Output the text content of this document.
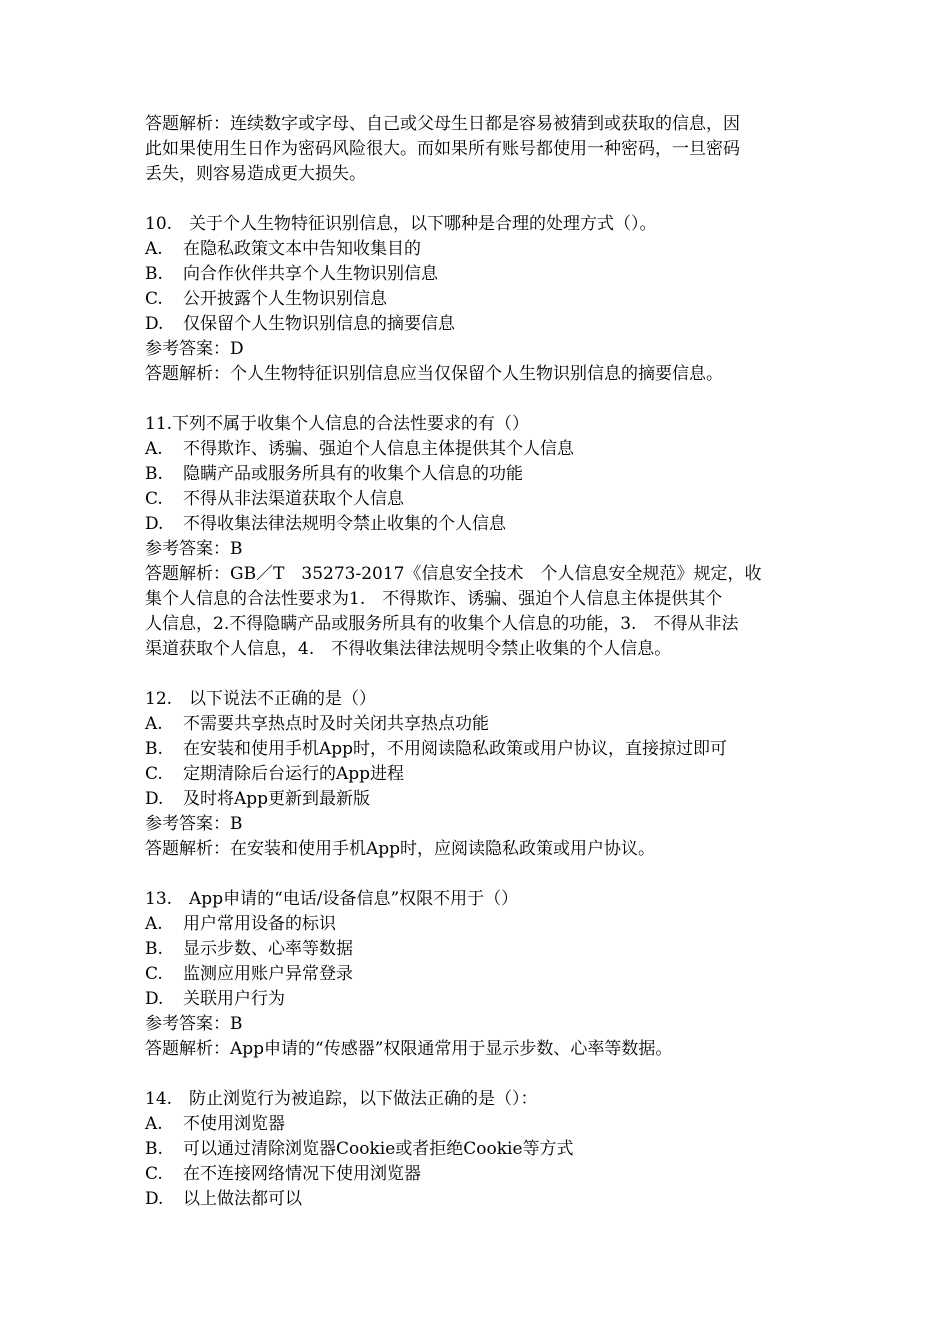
答题解析：连续数字或字母、自己或父母生日都是容易被猜到或获取的信息，因
此如果使用生日作为密码风险很大。而如果所有账号都使用一种密码，一旦密码
丢失，则容易造成更大损失。
10.　关于个人生物特征识别信息，以下哪种是合理的处理方式（）。
A. 在隐私政策文本中告知收集目的
B. 向合作伙伴共享个人生物识别信息
C. 公开披露个人生物识别信息
D. 仅保留个人生物识别信息的摘要信息
参考答案：D
答题解析：个人生物特征识别信息应当仅保留个人生物识别信息的摘要信息。
11.下列不属于收集个人信息的合法性要求的有（）
A. 不得欺诈、诱骗、强迫个人信息主体提供其个人信息
B. 隐瞒产品或服务所具有的收集个人信息的功能
C. 不得从非法渠道获取个人信息
D. 不得收集法律法规明令禁止收集的个人信息
参考答案：B
答题解析：GB／T　35273-2017《信息安全技术　个人信息安全规范》规定，收
集个人信息的合法性要求为1.　不得欺诈、诱骗、强迫个人信息主体提供其个
人信息，2.不得隐瞒产品或服务所具有的收集个人信息的功能，3.　不得从非法
渠道获取个人信息，4.　不得收集法律法规明令禁止收集的个人信息。
12.　以下说法不正确的是（）
A. 不需要共享热点时及时关闭共享热点功能
B. 在安装和使用手机App时，不用阅读隐私政策或用户协议，直接掠过即可
C. 定期清除后台运行的App进程
D. 及时将App更新到最新版
参考答案：B
答题解析：在安装和使用手机App时，应阅读隐私政策或用户协议。
13.　App申请的“电话/设备信息”权限不用于（）
A. 用户常用设备的标识
B. 显示步数、心率等数据
C. 监测应用账户异常登录
D. 关联用户行为
参考答案：B
答题解析：App申请的“传感器”权限通常用于显示步数、心率等数据。
14.　防止浏览行为被追踪，以下做法正确的是（）：
A. 不使用浏览器
B. 可以通过清除浏览器Cookie或者拒绝Cookie等方式
C. 在不连接网络情况下使用浏览器
D. 以上做法都可以
